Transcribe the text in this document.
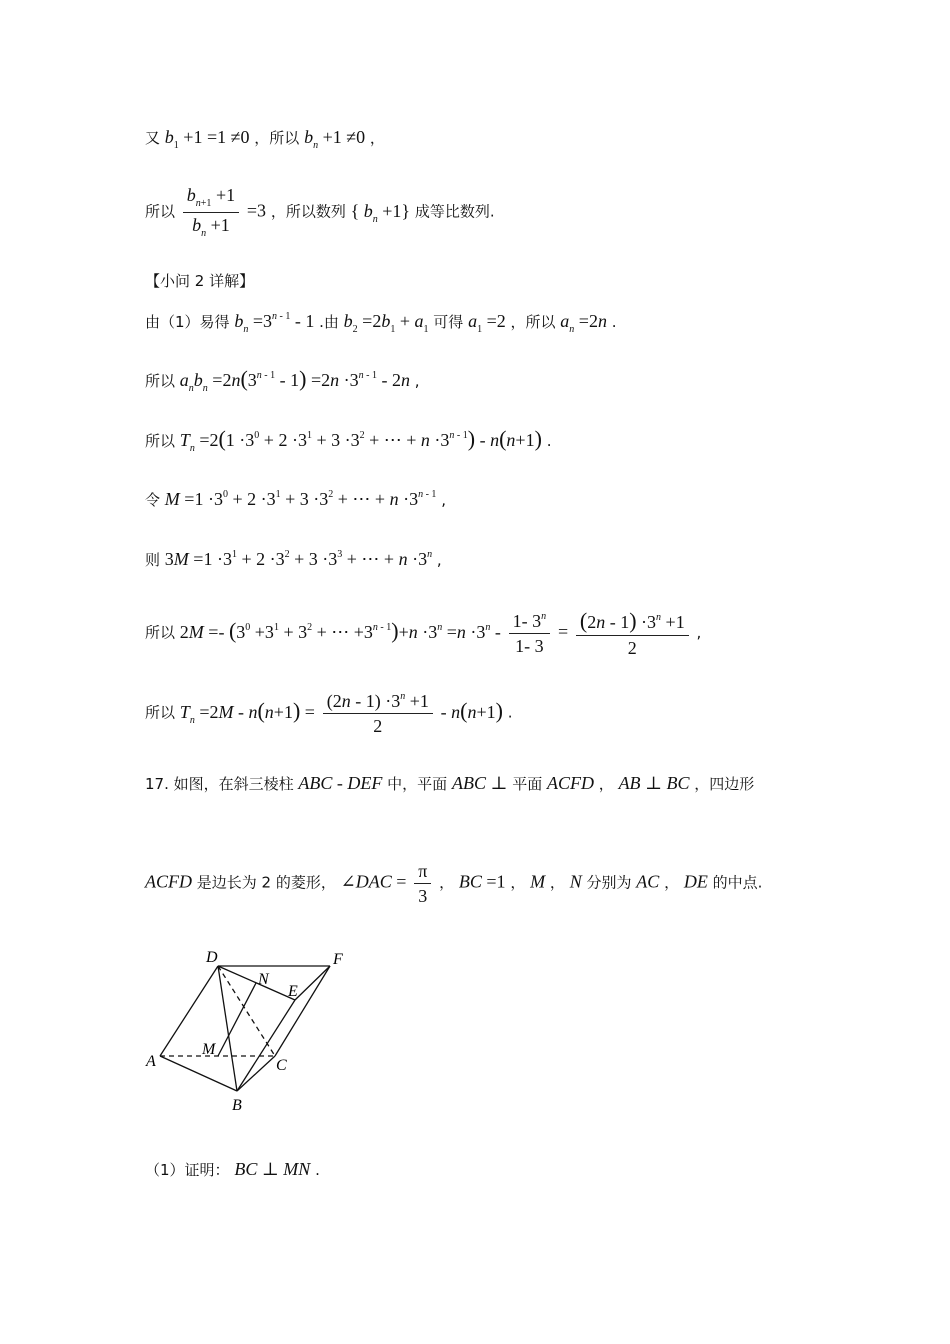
又 $b_1 +1 =1 \ne 0$ ，所以 $b_n +1 \ne 0$ ，
所以 $\frac{b_{n+1} +1}{b_n +1} =3$ ，所以数列 { $b_n +1$} 成等比数列.
【小问 2 详解】
由（1）易得 $b_n =3^{n - 1} - 1$ .由 $b_2 =2b_1 + a_1$ 可得 $a_1 =2$ ，所以 $a_n =2n$ .
所以 $a_nb_n =2n(3^{n - 1} - 1) =2n \cdot 3^{n - 1} - 2n$ ,
所以 $T_n =2(1 \cdot 3^0 + 2 \cdot 3^1 + 3 \cdot 3^2$ + ⋯ + $n \cdot 3^{n - 1}) - n(n+1)$ .
令 $M =1 \cdot 3^0 + 2 \cdot 3^1 + 3 \cdot 3^2$ + ⋯ + $n \cdot 3^{n - 1}$ ,
则 $3M =1 \cdot 3^1 + 2 \cdot 3^2 + 3 \cdot 3^3$ + ⋯ + $n \cdot 3^n$ ,
所以 $2M =- (3^0 +3^1 + 3^2$ + ⋯ $+3^{n - 1})+n \cdot 3^n =n \cdot 3^n - \frac{1- 3^n}{1- 3} = \frac{(2n - 1) \cdot 3^n +1}{2}$ ,
所以 $T_n =2M - n(n+1) = \frac{(2n - 1) \cdot 3^n +1}{2} - n(n+1)$ .
17. 如图，在斜三棱柱 ABC - DEF 中，平面 ABC ⊥ 平面 ACFD ， AB ⊥ BC ，四边形
ACFD 是边长为 2 的菱形， ∠DAC = $\frac{\pi}{3}$ ， BC =1 ， M ， N 分别为 AC ， DE 的中点.
D	F
N
E
M
A	C
B
（1）证明： BC ⊥ MN .
